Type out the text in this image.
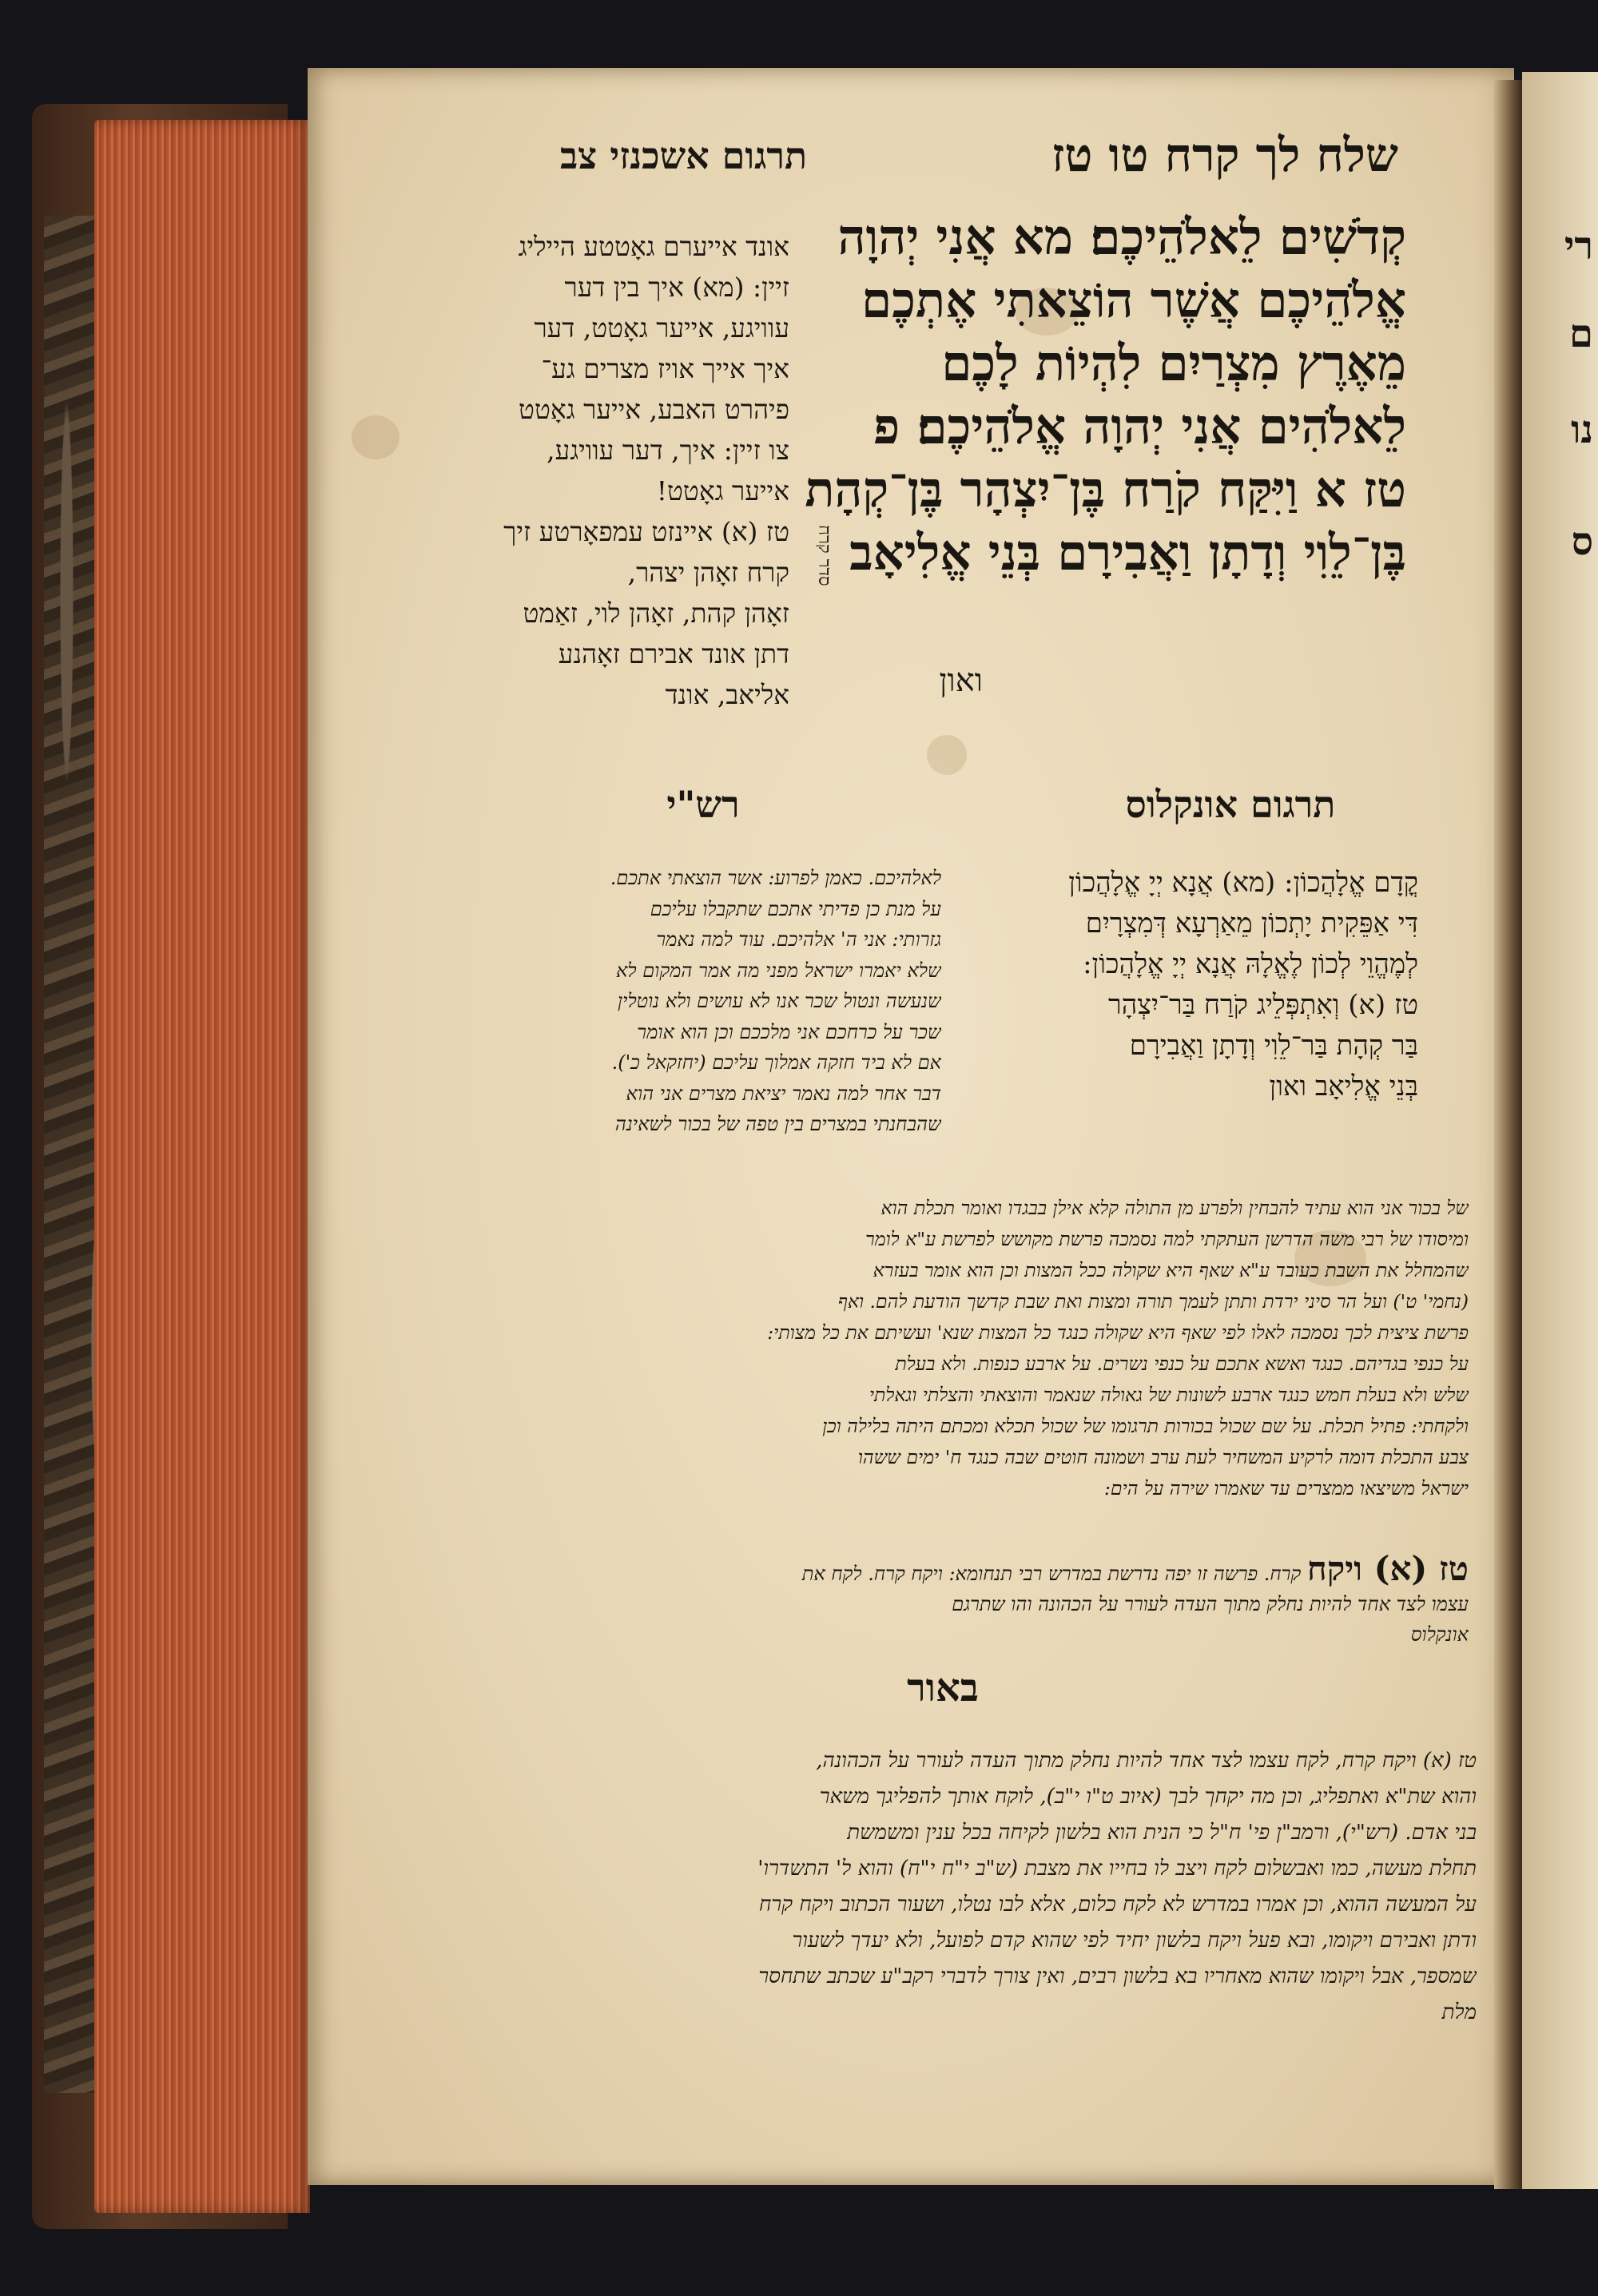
רי
ם
נו
ס
שלח לך קרח טו טז
תרגום אשכנזי צב
קְדֹשִׁים לֵאלֹהֵיכֶם׃ מא אֲנִי יְהוָה
אֱלֹהֵיכֶם אֲשֶׁר הוֹצֵאתִי אֶתְכֶם
מֵאֶרֶץ מִצְרַיִם לִהְיוֹת לָכֶם
לֵאלֹהִים אֲנִי יְהוָה אֱלֹהֵיכֶם׃ פ
טז א וַיִּקַּח קֹרַח בֶּן־יִצְהָר בֶּן־קְהָת
בֶּן־לֵוִי וְדָתָן וַאֲבִירָם בְּנֵי אֱלִיאָב
ואון
סדר קרח
אונד אייערם גאָטטע הייליג
זיין: (מא) איך בין דער
עוויגע, אייער גאָטט, דער
איך אייך אויז מצרים גע־
פיהרט האבע, אייער גאָטט
צו זיין: איך, דער עוויגע,
אייער גאָטט!
טז (א) איינזט עמפאָרטע זיך
קרח זאָהן יצהר,
זאָהן קהת, זאָהן לוי, זאַמט
דתן אונד אבירם זאָהנע
אליאב, אונד
תרגום אונקלוס
רש"י
קֳדָם אֱלָהֲכוֹן: (מא) אֲנָא יְיָ אֱלָהֲכוֹן
דִּי אַפֵּקִית יָתְכוֹן מֵאַרְעָא דְּמִצְרָיִם
לְמֶהֱוֵי לְכוֹן לֶאֱלָהּ אֲנָא יְיָ אֱלָהֲכוֹן:
טז (א) וְאִתְפְּלֵיג קֹרַח בַּר־יִצְהָר
בַּר קְהָת בַּר־לֵוִי וְדָתָן וַאֲבִירָם
בְּנֵי אֱלִיאָב ואון
לאלהיכם. כאמן לפרוע: אשר הוצאתי אתכם.
על מנת כן פדיתי אתכם שתקבלו עליכם
גזרותי: אני ה' אלהיכם. עוד למה נאמר
שלא יאמרו ישראל מפני מה אמר המקום לא
שנעשה ונטול שכר אנו לא עושים ולא נוטלין
שכר על כרחכם אני מלככם וכן הוא אומר
אם לא ביד חזקה אמלוך עליכם (יחזקאל כ').
דבר אחר למה נאמר יציאת מצרים אני הוא
שהבחנתי במצרים בין טפה של בכור לשאינה
של בכור אני הוא עתיד להבחין ולפרע מן התולה קלא אילן בבגדו ואומר תכלת הוא
ומיסודו של רבי משה הדרשן העתקתי למה נסמכה פרשת מקושש לפרשת ע"א לומר
שהמחלל את השבת כעובד ע"א שאף היא שקולה ככל המצות וכן הוא אומר בעזרא
(נחמי' ט') ועל הר סיני ירדת ותתן לעמך תורה ומצות ואת שבת קדשך הודעת להם. ואף
פרשת ציצית לכך נסמכה לאלו לפי שאף היא שקולה כנגד כל המצות שנא' ועשיתם את כל מצותי:
על כנפי בגדיהם. כנגד ואשא אתכם על כנפי נשרים. על ארבע כנפות. ולא בעלת
שלש ולא בעלת חמש כנגד ארבע לשונות של גאולה שנאמר והוצאתי והצלתי וגאלתי
ולקחתי: פתיל תכלת. על שם שכול בכורות תרגומו של שכול תכלא ומכתם היתה בלילה וכן
צבע התכלת דומה לרקיע המשחיר לעת ערב ושמונה חוטים שבה כנגד ח' ימים ששהו
ישראל משיצאו ממצרים עד שאמרו שירה על הים:
טז (א) ויקח קרח. פרשה זו יפה נדרשת במדרש רבי תנחומא: ויקח קרח. לקח את
עצמו לצד אחד להיות נחלק מתוך העדה לעורר על הכהונה והו שתרגם
אונקלוס
באור
טז (א) ויקח קרח, לקח עצמו לצד אחד להיות נחלק מתוך העדה לעורר על הכהונה,
והוא שת"א ואתפליג, וכן מה יקחך לבך (איוב ט"ו י"ב), לוקח אותך להפליגך משאר
בני אדם. (רש"י), ורמב"ן פי' ח"ל כי הנית הוא בלשון לקיחה בכל ענין ומשמשת
תחלת מעשה, כמו ואבשלום לקח ויצב לו בחייו את מצבת (ש"ב י"ח י"ח) והוא ל' התשדרו'
על המעשה ההוא, וכן אמרו במדרש לא לקח כלום, אלא לבו נטלו, ושעור הכתוב ויקח קרח
ודתן ואבירם ויקומו, ובא פעל ויקח בלשון יחיד לפי שהוא קדם לפועל, ולא יעדך לשעור
שמספר, אבל ויקומו שהוא מאחריו בא בלשון רבים, ואין צורך לדברי רקב"ע שכתב שתחסר
מלת
